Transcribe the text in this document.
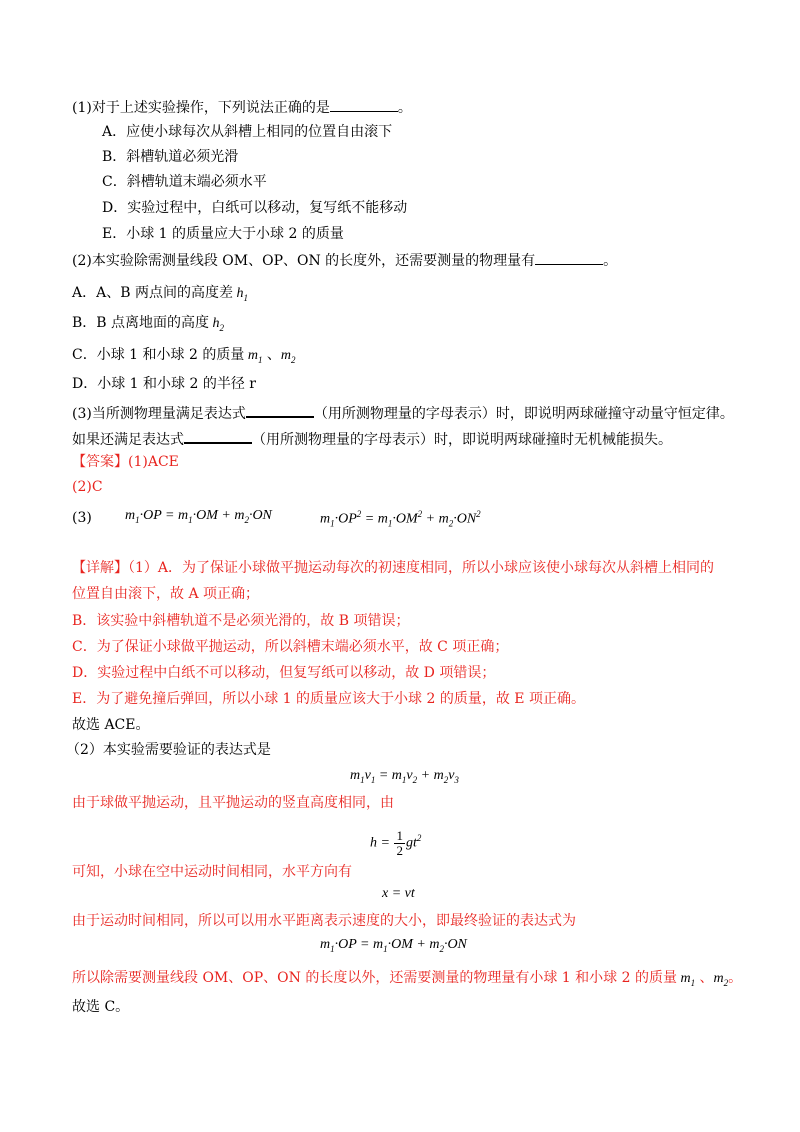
(1)对于上述实验操作，下列说法正确的是	。
A．应使小球每次从斜槽上相同的位置自由滚下
B．斜槽轨道必须光滑
C．斜槽轨道末端必须水平
D．实验过程中，白纸可以移动，复写纸不能移动
E．小球 1 的质量应大于小球 2 的质量
(2)本实验除需测量线段 OM、OP、ON 的长度外，还需要测量的物理量有	。
A．A、B 两点间的高度差 $h_1$
B．B 点离地面的高度 $h_2$
C．小球 1 和小球 2 的质量 $m_1$ 、$m_2$
D．小球 1 和小球 2 的半径 r
(3)当所测物理量满足表达式	（用所测物理量的字母表示）时，即说明两球碰撞守动量守恒定律。
如果还满足表达式	（用所测物理量的字母表示）时，即说明两球碰撞时无机械能损失。
【答案】(1)ACE
(2)C
(3) $m_1\cdot OP = m_1\cdot OM + m_2\cdot ON$	$m_1\cdot OP^2 = m_1\cdot OM^2 + m_2\cdot ON^2$
【详解】（1）A．为了保证小球做平抛运动每次的初速度相同，所以小球应该使小球每次从斜槽上相同的
位置自由滚下，故 A 项正确；
B．该实验中斜槽轨道不是必须光滑的，故 B 项错误；
C．为了保证小球做平抛运动，所以斜槽末端必须水平，故 C 项正确；
D．实验过程中白纸不可以移动，但复写纸可以移动，故 D 项错误；
E．为了避免撞后弹回，所以小球 1 的质量应该大于小球 2 的质量，故 E 项正确。
故选 ACE。
（2）本实验需要验证的表达式是
$m_1v_1 = m_1v_2 + m_2v_3$
由于球做平抛运动，且平抛运动的竖直高度相同，由
$h = \frac{1}{2} gt^2$
可知，小球在空中运动时间相同，水平方向有
x = vt
由于运动时间相同，所以可以用水平距离表示速度的大小，即最终验证的表达式为
$m_1\cdot OP = m_1\cdot OM + m_2\cdot ON$
所以除需要测量线段 OM、OP、ON 的长度以外，还需要测量的物理量有小球 1 和小球 2 的质量 $m_1$ 、$m_2$。
故选 C。
